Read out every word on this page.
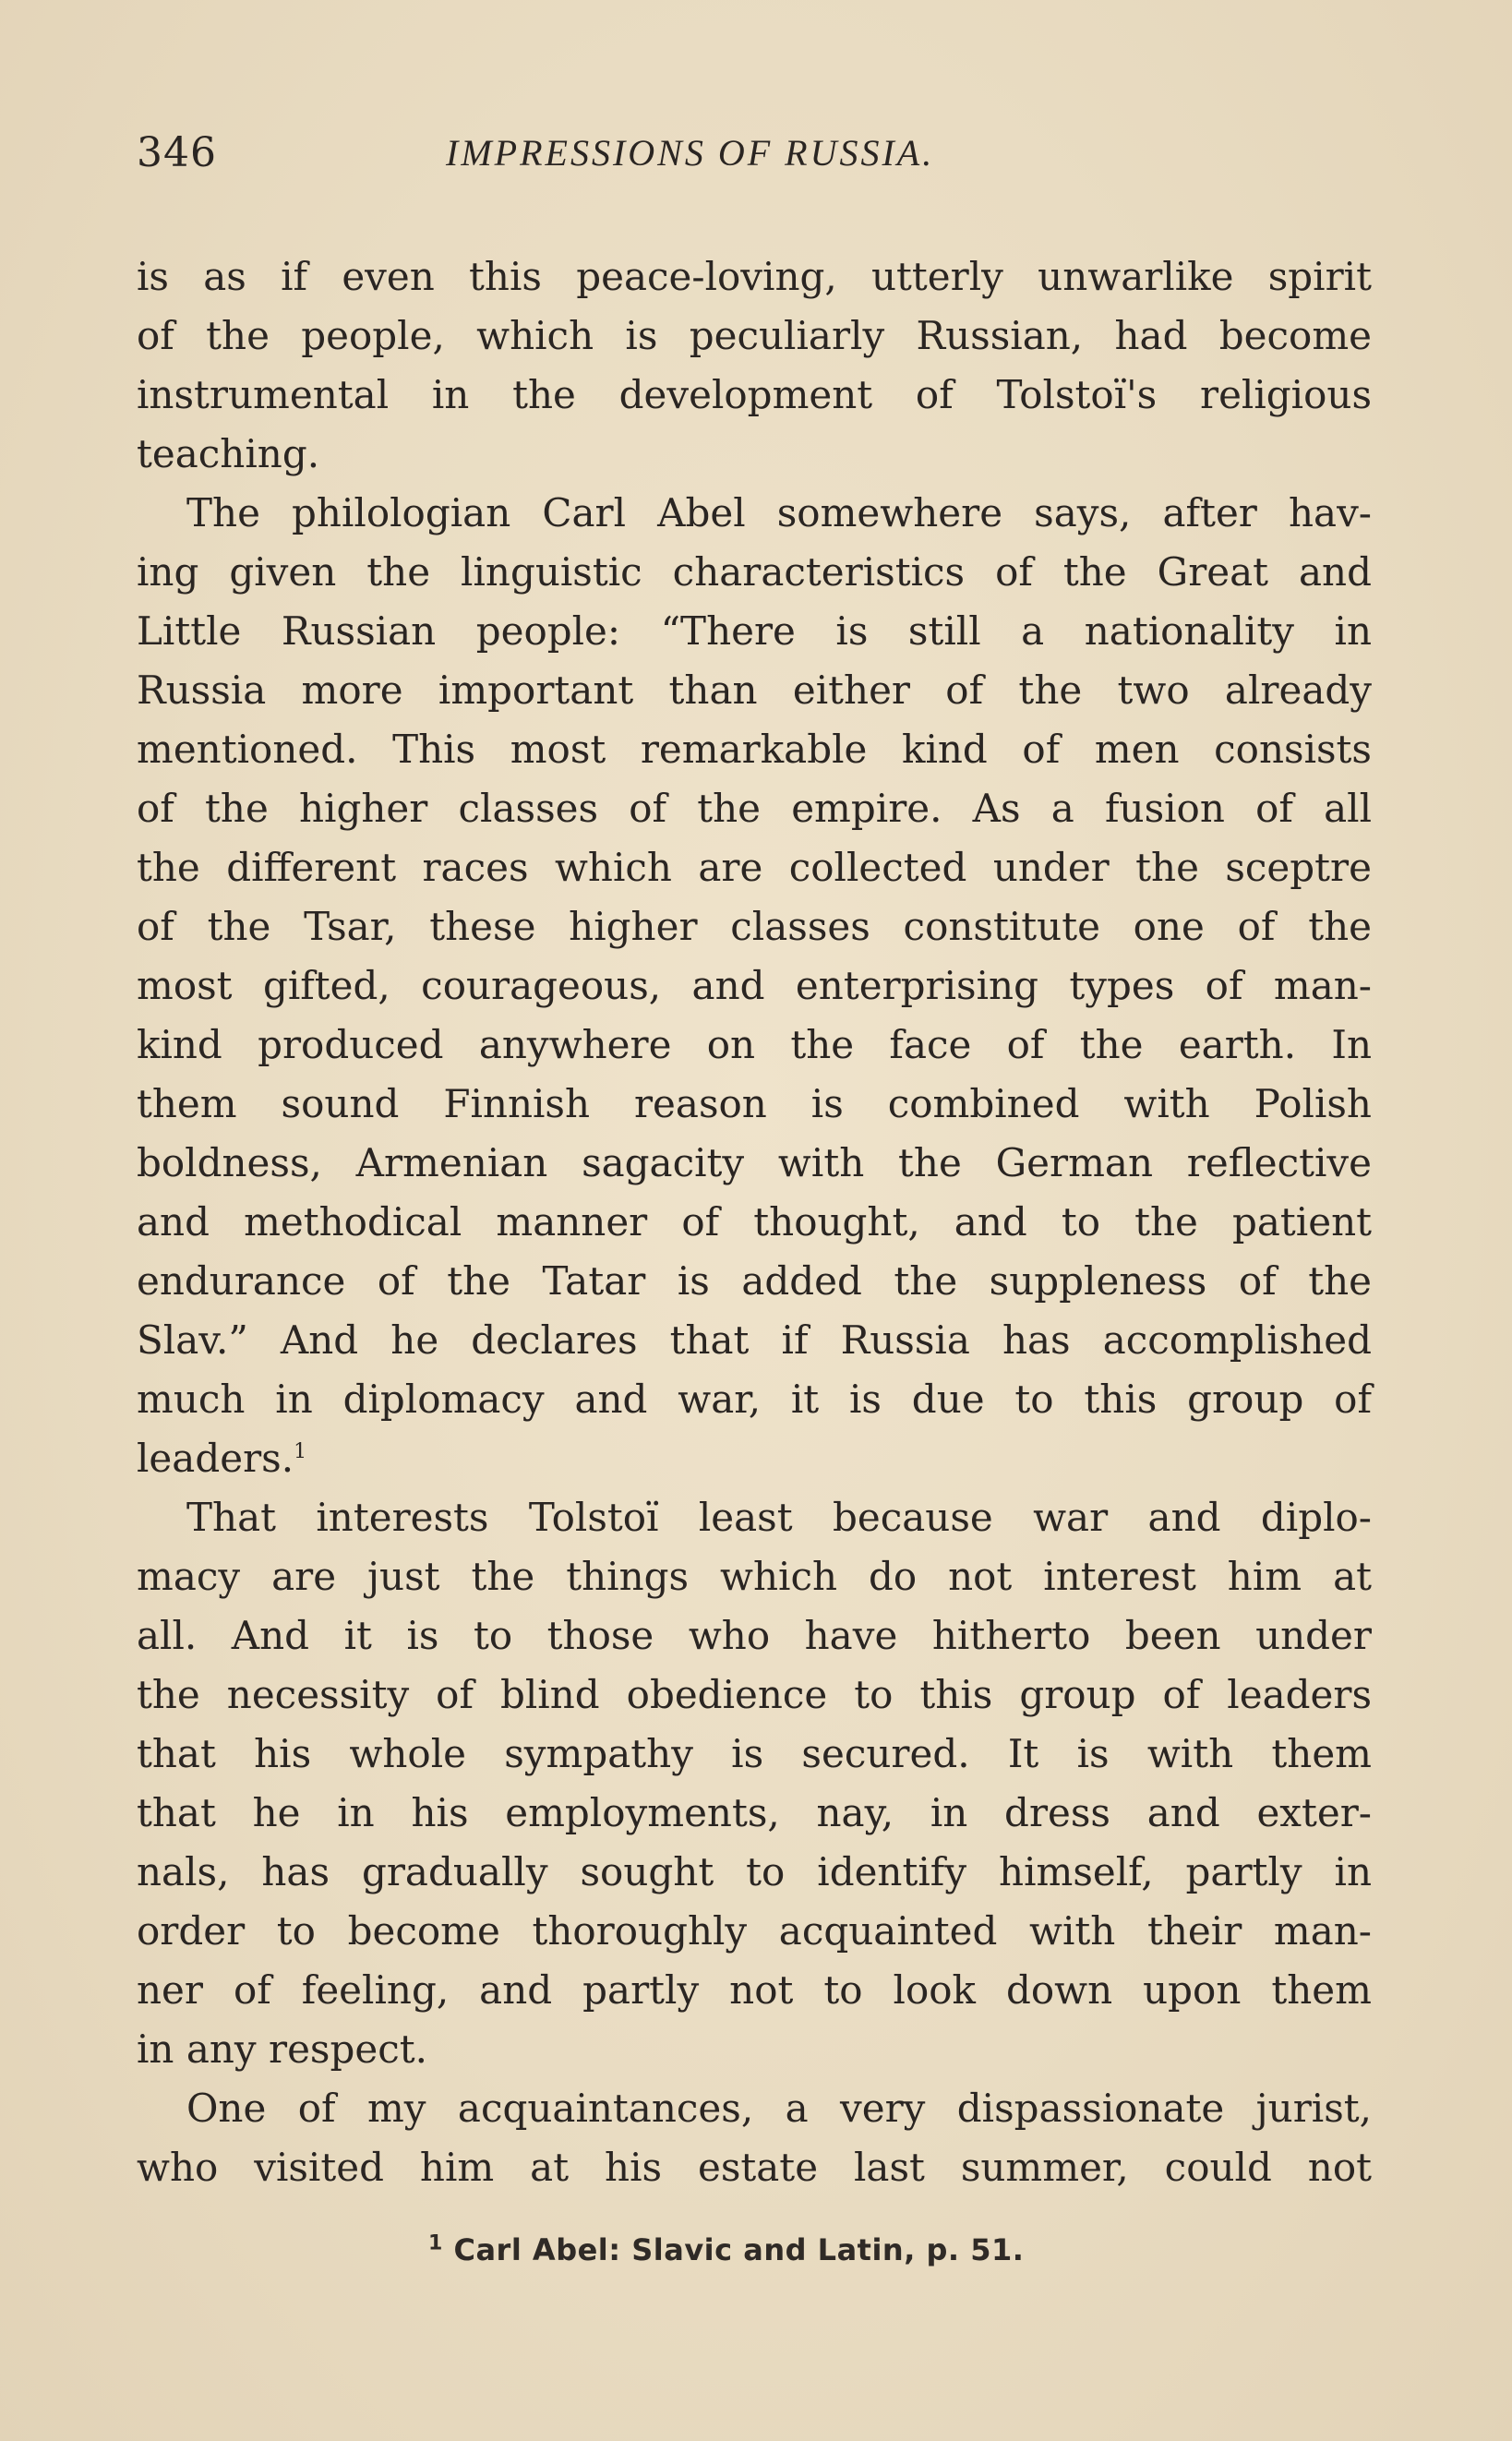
346	IMPRESSIONS OF RUSSIA.
is as if even this peace-loving, utterly unwarlike spirit
of the people, which is peculiarly Russian, had become
instrumental in the development of Tolstoï's religious
teaching.
The philologian Carl Abel somewhere says, after hav-
ing given the linguistic characteristics of the Great and
Little Russian people: “There is still a nationality in
Russia more important than either of the two already
mentioned. This most remarkable kind of men consists
of the higher classes of the empire. As a fusion of all
the different races which are collected under the sceptre
of the Tsar, these higher classes constitute one of the
most gifted, courageous, and enterprising types of man-
kind produced anywhere on the face of the earth. In
them sound Finnish reason is combined with Polish
boldness, Armenian sagacity with the German reflective
and methodical manner of thought, and to the patient
endurance of the Tatar is added the suppleness of the
Slav.” And he declares that if Russia has accomplished
much in diplomacy and war, it is due to this group of
leaders.$^1$
That interests Tolstoï least because war and diplo-
macy are just the things which do not interest him at
all. And it is to those who have hitherto been under
the necessity of blind obedience to this group of leaders
that his whole sympathy is secured. It is with them
that he in his employments, nay, in dress and exter-
nals, has gradually sought to identify himself, partly in
order to become thoroughly acquainted with their man-
ner of feeling, and partly not to look down upon them
in any respect.
One of my acquaintances, a very dispassionate jurist,
who visited him at his estate last summer, could not
$^1$ Carl Abel: Slavic and Latin, p. 51.
